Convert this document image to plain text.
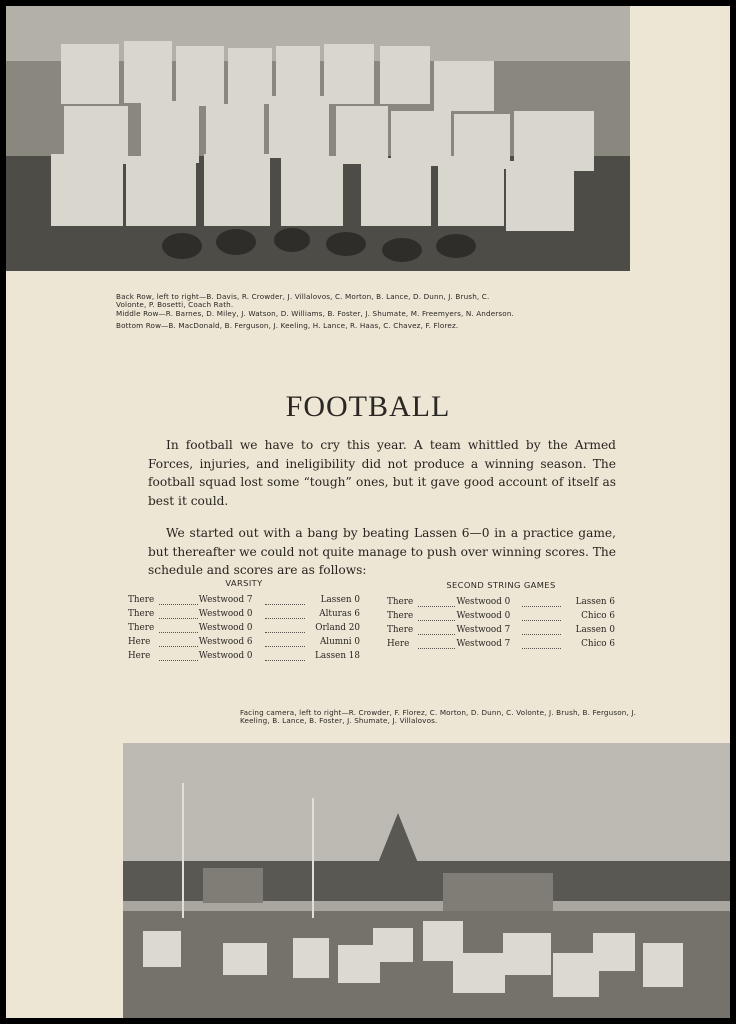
Back Row, left to right—B. Davis, R. Crowder, J. Villalovos, C. Morton, B. Lance, D. Dunn, J. Brush, C. Volonte, P. Bosetti, Coach Rath.

Middle Row—R. Barnes, D. Miley, J. Watson, D. Williams, B. Foster, J. Shumate, M. Freemyers, N. Anderson.

Bottom Row—B. MacDonald, B. Ferguson, J. Keeling, H. Lance, R. Haas, C. Chavez, F. Florez.

FOOTBALL

In football we have to cry this year. A team whittled by the Armed Forces, injuries, and ineligibility did not produce a winning season. The football squad lost some “tough” ones, but it gave good account of itself as best it could.

We started out with a bang by beating Lassen 6—0 in a practice game, but thereafter we could not quite manage to push over winning scores. The schedule and scores are as follows:

VARSITY
There	Westwood 7	Lassen 0
There	Westwood 0	Alturas 6
There	Westwood 0	Orland 20
Here	Westwood 6	Alumni 0
Here	Westwood 0	Lassen 18
SECOND STRING GAMES
There	Westwood 0	Lassen 6
There	Westwood 0	Chico 6
There	Westwood 7	Lassen 0
Here	Westwood 7	Chico 6
Facing camera, left to right—R. Crowder, F. Florez, C. Morton, D. Dunn, C. Volonte, J. Brush, B. Ferguson, J. Keeling, B. Lance, B. Foster, J. Shumate, J. Villalovos.
